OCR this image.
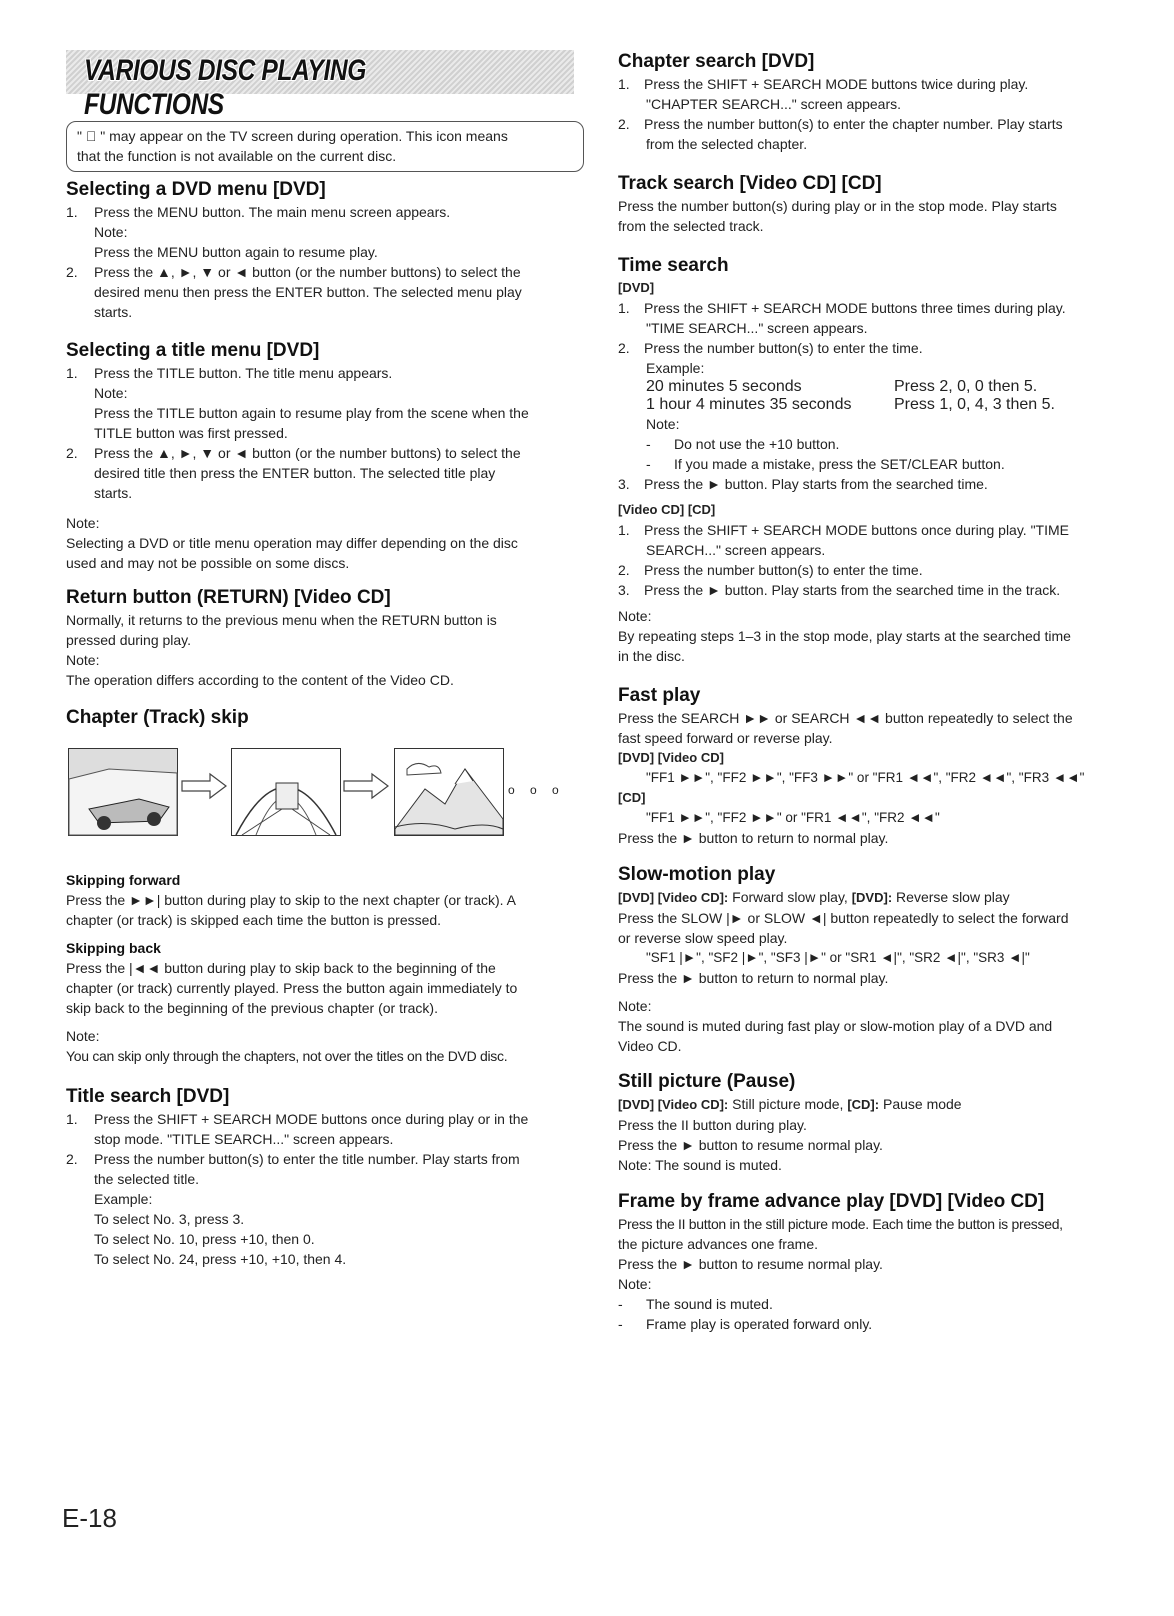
VARIOUS DISC PLAYING FUNCTIONS

" ⃠ " may appear on the TV screen during operation. This icon means

that the function is not available on the current disc.

Selecting a DVD menu [DVD]
1.	Press the MENU button. The main menu screen appears.

Note:

Press the MENU button again to resume play.

2.	Press the ▲, ►, ▼ or ◄ button (or the number buttons) to select the

desired menu then press the ENTER button. The selected menu play

starts.

Selecting a title menu [DVD]
1.	Press the TITLE button. The title menu appears.

Note:

Press the TITLE button again to resume play from the scene when the

TITLE button was first pressed.

2.	Press the ▲, ►, ▼ or ◄ button (or the number buttons) to select the

desired title then press the ENTER button. The selected title play

starts.

Note:

Selecting a DVD or title menu operation may differ depending on the disc

used and may not be possible on some discs.

Return button (RETURN) [Video CD]

Normally, it returns to the previous menu when the RETURN button is

pressed during play.

Note:

The operation differs according to the content of the Video CD.

Chapter (Track) skip
o o o
Skipping forward

Press the ►►| button during play to skip to the next chapter (or track). A

chapter (or track) is skipped each time the button is pressed.

Skipping back

Press the |◄◄ button during play to skip back to the beginning of the

chapter (or track) currently played. Press the button again immediately to

skip back to the beginning of the previous chapter (or track).

Note:

You can skip only through the chapters, not over the titles on the DVD disc.

Title search [DVD]
1.	Press the SHIFT + SEARCH MODE buttons once during play or in the

stop mode. "TITLE SEARCH..." screen appears.

2.	Press the number button(s) to enter the title number. Play starts from

the selected title.

Example:

To select No. 3, press 3.

To select No. 10, press +10, then 0.

To select No. 24, press +10, +10, then 4.

Chapter search [DVD]
1.	Press the SHIFT + SEARCH MODE buttons twice during play.

"CHAPTER SEARCH..." screen appears.

2.	Press the number button(s) to enter the chapter number. Play starts

from the selected chapter.

Track search [Video CD] [CD]

Press the number button(s) during play or in the stop mode. Play starts

from the selected track.

Time search

[DVD]

1.	Press the SHIFT + SEARCH MODE buttons three times during play.

"TIME SEARCH..." screen appears.

2.	Press the number button(s) to enter the time.

Example:

20 minutes 5 seconds	Press 2, 0, 0 then 5.
1 hour 4 minutes 35 seconds	Press 1, 0, 4, 3 then 5.

Note:

-	Do not use the +10 button.
-	If you made a mistake, press the SET/CLEAR button.
3.	Press the ► button. Play starts from the searched time.

[Video CD] [CD]

1.	Press the SHIFT + SEARCH MODE buttons once during play. "TIME

SEARCH..." screen appears.

2.	Press the number button(s) to enter the time.
3.	Press the ► button. Play starts from the searched time in the track.

Note:

By repeating steps 1–3 in the stop mode, play starts at the searched time

in the disc.

Fast play

Press the SEARCH ►► or SEARCH ◄◄ button repeatedly to select the

fast speed forward or reverse play.

[DVD] [Video CD]

"FF1 ►►", "FF2 ►►", "FF3 ►►" or "FR1 ◄◄", "FR2 ◄◄", "FR3 ◄◄"

[CD]

"FF1 ►►", "FF2 ►►" or "FR1 ◄◄", "FR2 ◄◄"

Press the ► button to return to normal play.

Slow-motion play

[DVD] [Video CD]: Forward slow play, [DVD]: Reverse slow play

Press the SLOW |► or SLOW ◄| button repeatedly to select the forward

or reverse slow speed play.

"SF1 |►", "SF2 |►", "SF3 |►" or "SR1 ◄|", "SR2 ◄|", "SR3 ◄|"

Press the ► button to return to normal play.

Note:

The sound is muted during fast play or slow-motion play of a DVD and

Video CD.

Still picture (Pause)

[DVD] [Video CD]: Still picture mode, [CD]: Pause mode

Press the II button during play.

Press the ► button to resume normal play.

Note: The sound is muted.

Frame by frame advance play [DVD] [Video CD]

Press the II button in the still picture mode. Each time the button is pressed,

the picture advances one frame.

Press the ► button to resume normal play.

Note:

-	The sound is muted.
-	Frame play is operated forward only.
E-18
